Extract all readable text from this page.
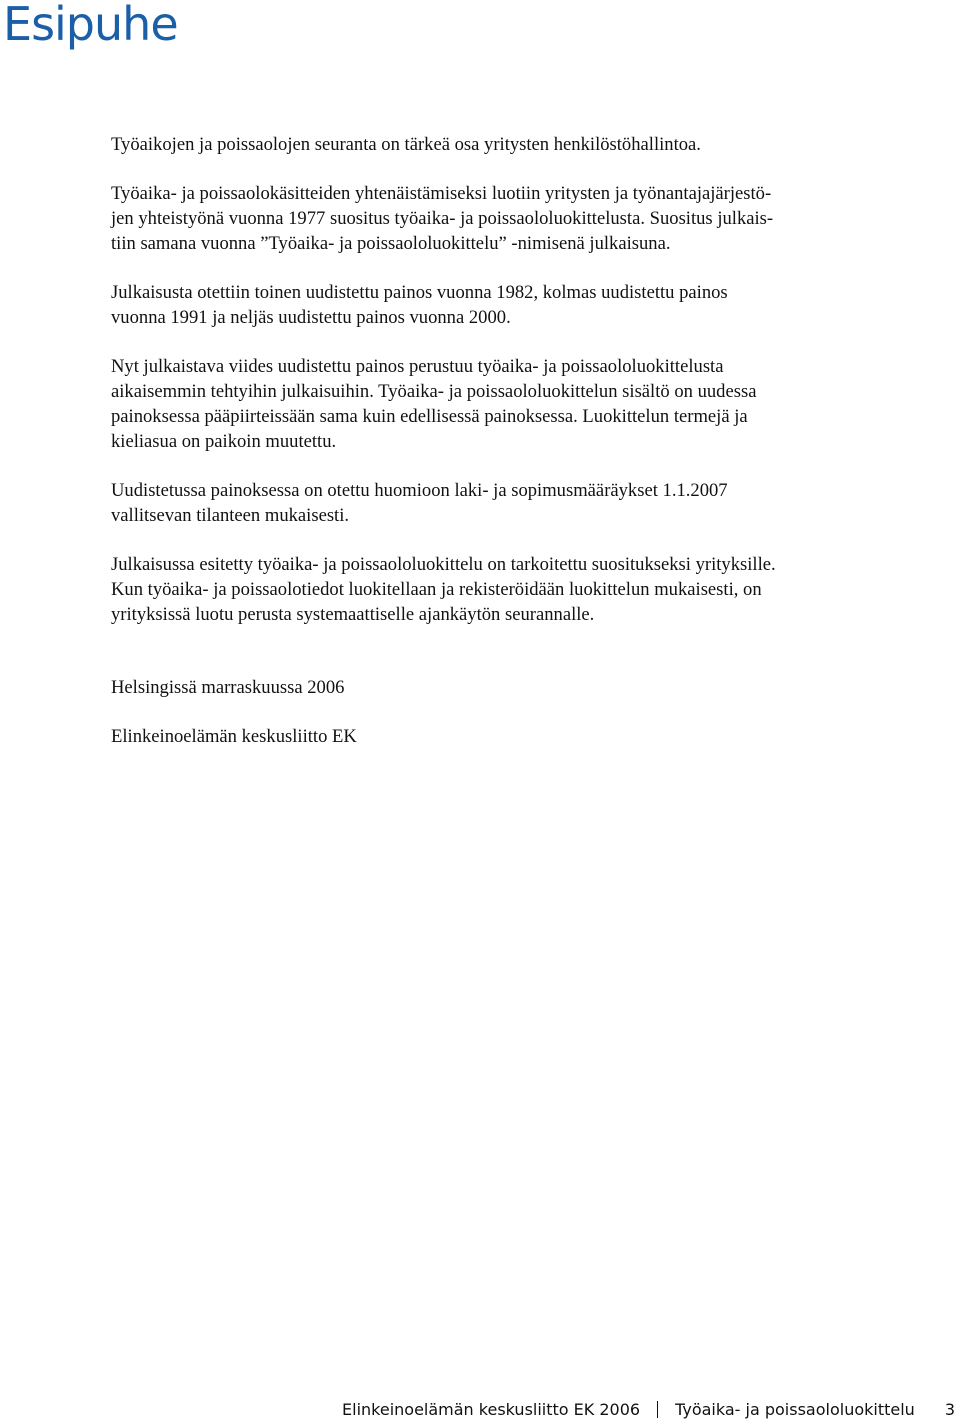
Esipuhe

Työaikojen ja poissaolojen seuranta on tärkeä osa yritysten henkilöstöhallintoa.

Työaika- ja poissaolokäsitteiden yhtenäistämiseksi luotiin yritysten ja työnantajajärjestö-
jen yhteistyönä vuonna 1977 suositus työaika- ja poissaololuokittelusta. Suositus julkais-
tiin samana vuonna ”Työaika- ja poissaololuokittelu” -nimisenä julkaisuna.

Julkaisusta otettiin toinen uudistettu painos vuonna 1982, kolmas uudistettu painos
vuonna 1991 ja neljäs uudistettu painos vuonna 2000.

Nyt julkaistava viides uudistettu painos perustuu työaika- ja poissaololuokittelusta
aikaisemmin tehtyihin julkaisuihin. Työaika- ja poissaololuokittelun sisältö on uudessa
painoksessa pääpiirteissään sama kuin edellisessä painoksessa. Luokittelun termejä ja
kieliasua on paikoin muutettu.

Uudistetussa painoksessa on otettu huomioon laki- ja sopimusmääräykset 1.1.2007
vallitsevan tilanteen mukaisesti.

Julkaisussa esitetty työaika- ja poissaololuokittelu on tarkoitettu suositukseksi yrityksille.
Kun työaika- ja poissaolotiedot luokitellaan ja rekisteröidään luokittelun mukaisesti, on
yrityksissä luotu perusta systemaattiselle ajankäytön seurannalle.

Helsingissä marraskuussa 2006

Elinkeinoelämän keskusliitto EK

Elinkeinoelämän keskusliitto EK 2006 Työaika- ja poissaololuokittelu 3
